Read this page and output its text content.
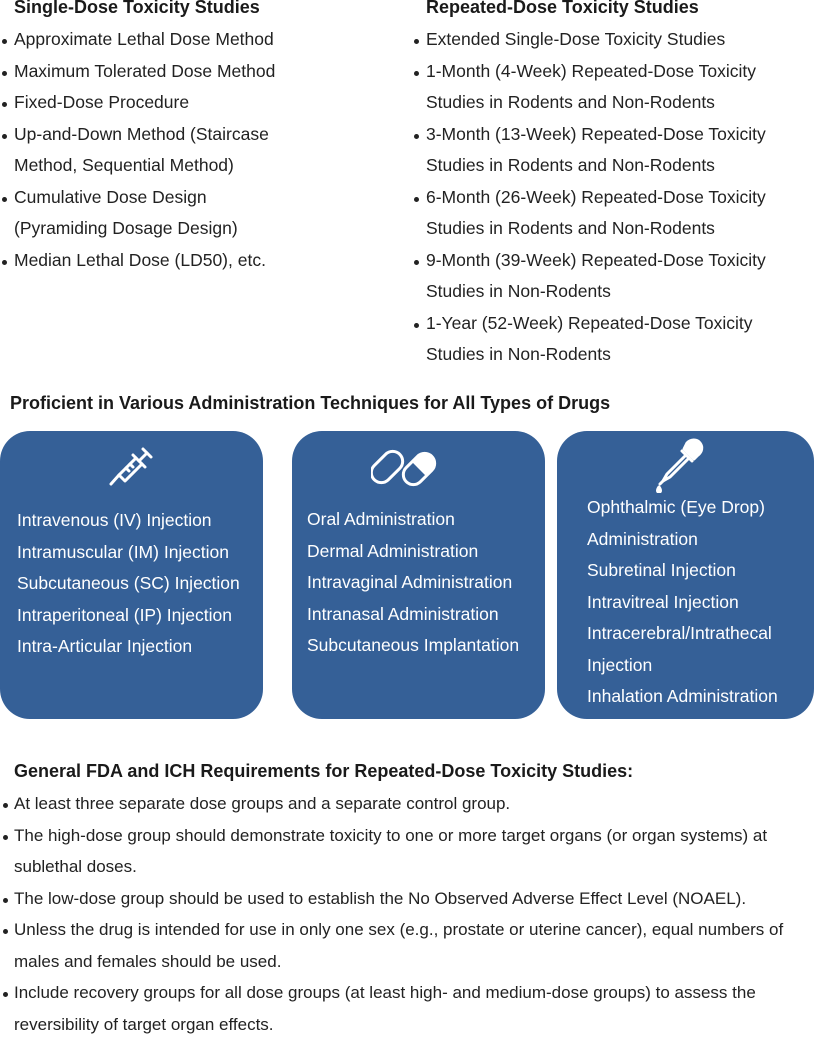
Single-Dose Toxicity Studies
Approximate Lethal Dose Method
Maximum Tolerated Dose Method
Fixed-Dose Procedure
Up-and-Down Method (Staircase Method, Sequential Method)
Cumulative Dose Design (Pyramiding Dosage Design)
Median Lethal Dose (LD50), etc.
Repeated-Dose Toxicity Studies
Extended Single-Dose Toxicity Studies
1-Month (4-Week) Repeated-Dose Toxicity Studies in Rodents and Non-Rodents
3-Month (13-Week) Repeated-Dose Toxicity Studies in Rodents and Non-Rodents
6-Month (26-Week) Repeated-Dose Toxicity Studies in Rodents and Non-Rodents
9-Month (39-Week) Repeated-Dose Toxicity Studies in Non-Rodents
1-Year (52-Week) Repeated-Dose Toxicity Studies in Non-Rodents
Proficient in Various Administration Techniques for All Types of Drugs
Intravenous (IV) Injection
Intramuscular (IM) Injection
Subcutaneous (SC) Injection
Intraperitoneal (IP) Injection
Intra-Articular Injection
Oral Administration
Dermal Administration
Intravaginal Administration
Intranasal Administration
Subcutaneous Implantation
Ophthalmic (Eye Drop) Administration
Subretinal Injection
Intravitreal Injection
Intracerebral/Intrathecal Injection
Inhalation Administration
General FDA and ICH Requirements for Repeated-Dose Toxicity Studies:
At least three separate dose groups and a separate control group.
The high-dose group should demonstrate toxicity to one or more target organs (or organ systems) at sublethal doses.
The low-dose group should be used to establish the No Observed Adverse Effect Level (NOAEL).
Unless the drug is intended for use in only one sex (e.g., prostate or uterine cancer), equal numbers of males and females should be used.
Include recovery groups for all dose groups (at least high- and medium-dose groups) to assess the reversibility of target organ effects.
